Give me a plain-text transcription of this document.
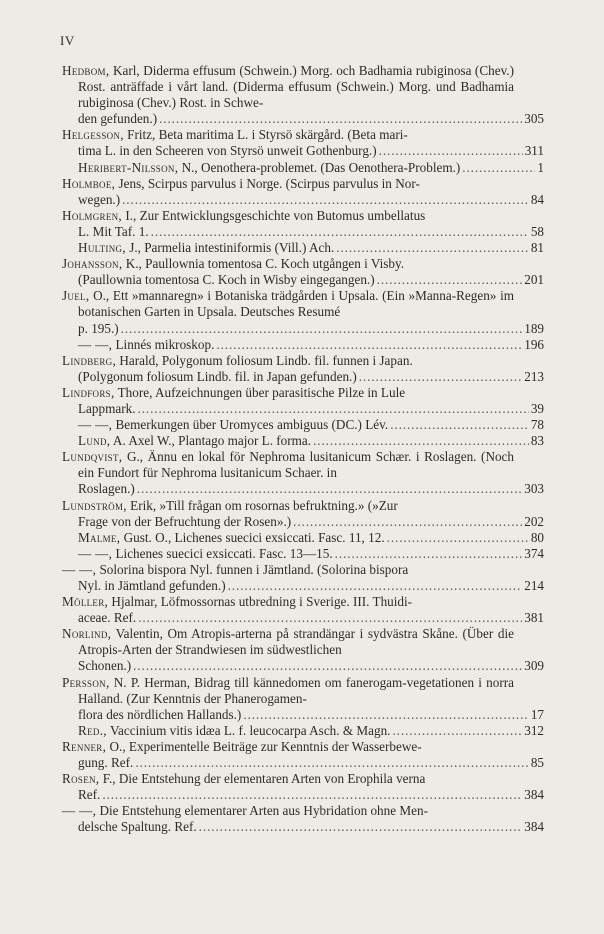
IV
Hedbom, Karl, Diderma effusum (Schwein.) Morg. och Badhamia rubiginosa (Chev.) Rost. anträffade i vårt land. (Diderma effusum (Schwein.) Morg. und Badhamia rubiginosa (Chev.) Rost. in Schwe-
den gefunden.) . . .	305
Helgesson, Fritz, Beta maritima L. i Styrsö skärgård. (Beta mari-
tima L. in den Scheeren von Styrsö unweit Gothenburg.) . . .	311
Heribert-Nilsson, N., Oenothera-problemet. (Das Oenothera-Problem.) . . .	1
Holmboe, Jens, Scirpus parvulus i Norge. (Scirpus parvulus in Nor-
wegen.) . . .	84
Holmgren, I., Zur Entwicklungsgeschichte von Butomus umbellatus
L. Mit Taf. 1. . . .	58
Hulting, J., Parmelia intestiniformis (Vill.) Ach. . . .	81
Johansson, K., Paullownia tomentosa C. Koch utgången i Visby.
(Paullownia tomentosa C. Koch in Wisby eingegangen.) . . .	201
Juel, O., Ett »mannaregn» i Botaniska trädgården i Upsala. (Ein »Manna-Regen» im botanischen Garten in Upsala. Deutsches Resumé
p. 195.) . . .	189
— —, Linnés mikroskop. . . .	196
Lindberg, Harald, Polygonum foliosum Lindb. fil. funnen i Japan.
(Polygonum foliosum Lindb. fil. in Japan gefunden.) . . .	213
Lindfors, Thore, Aufzeichnungen über parasitische Pilze in Lule
Lappmark. . . .	39
— —, Bemerkungen über Uromyces ambiguus (DC.) Lév. . . .	78
Lund, A. Axel W., Plantago major L. forma. . . .	83
Lundqvist, G., Ännu en lokal för Nephroma lusitanicum Schær. i Roslagen. (Noch ein Fundort für Nephroma lusitanicum Schaer. in
Roslagen.) . . .	303
Lundström, Erik, »Till frågan om rosornas befruktning.» (»Zur
Frage von der Befruchtung der Rosen».) . . .	202
Malme, Gust. O., Lichenes suecici exsiccati. Fasc. 11, 12. . . .	80
— —, Lichenes suecici exsiccati. Fasc. 13—15. . . .	374
— —, Solorina bispora Nyl. funnen i Jämtland. (Solorina bispora
Nyl. in Jämtland gefunden.) . . .	214
Möller, Hjalmar, Löfmossornas utbredning i Sverige. III. Thuidi-
aceae. Ref. . . .	381
Norlind, Valentin, Om Atropis-arterna på strandängar i sydvästra Skåne. (Über die Atropis-Arten der Strandwiesen im südwestlichen
Schonen.) . . .	309
Persson, N. P. Herman, Bidrag till kännedomen om fanerogam-vegetationen i norra Halland. (Zur Kenntnis der Phanerogamen-
flora des nördlichen Hallands.) . . .	17
Red., Vaccinium vitis idæa L. f. leucocarpa Asch. & Magn. . . .	312
Renner, O., Experimentelle Beiträge zur Kenntnis der Wasserbewe-
gung. Ref. . . .	85
Rosen, F., Die Entstehung der elementaren Arten von Erophila verna
Ref. . . .	384
— —, Die Entstehung elementarer Arten aus Hybridation ohne Men-
delsche Spaltung. Ref. . . .	384
